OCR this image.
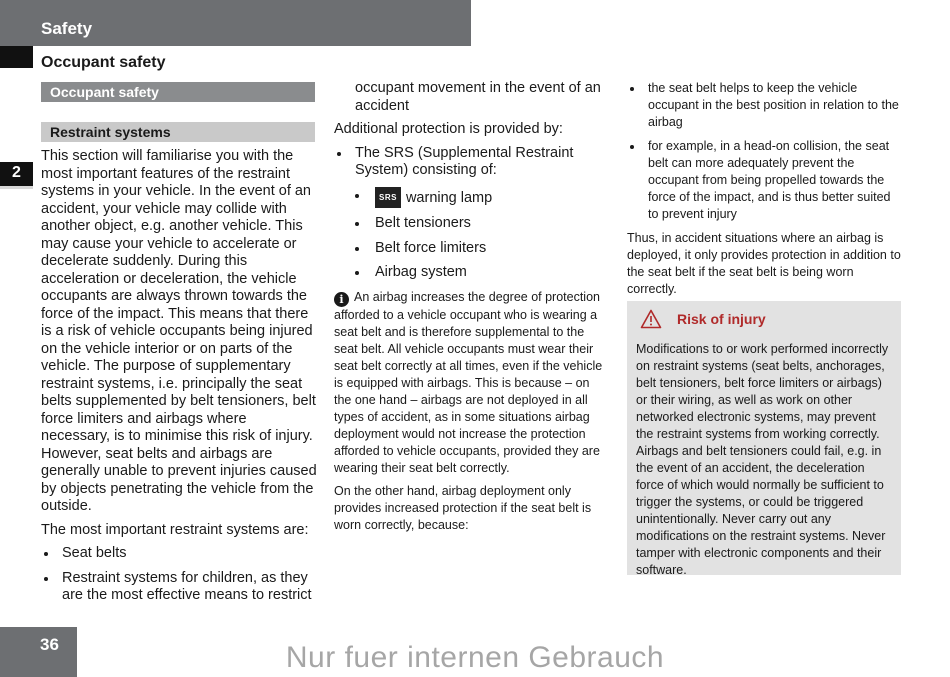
Safety
Occupant safety
2
Occupant safety
Restraint systems

This section will familiarise you with the most important features of the restraint systems in your vehicle. In the event of an accident, your vehicle may collide with another object, e.g. another vehicle. This may cause your vehicle to accelerate or decelerate suddenly. During this acceleration or deceleration, the vehicle occupants are always thrown towards the force of the impact. This means that there is a risk of vehicle occupants being injured on the vehicle interior or on parts of the vehicle. The purpose of supplementary restraint systems, i.e. principally the seat belts supplemented by belt tensioners, belt force limiters and airbags where necessary, is to minimise this risk of injury. However, seat belts and airbags are generally unable to prevent injuries caused by objects penetrating the vehicle from the outside.

The most important restraint systems are:

Seat belts
Restraint systems for children, as they are the most effective means to restrict

occupant movement in the event of an accident

Additional protection is provided by:

The SRS (Supplemental Restraint System) consisting of:
SRS warning lamp
Belt tensioners
Belt force limiters
Airbag system

i An airbag increases the degree of protection afforded to a vehicle occupant who is wearing a seat belt and is therefore supplemental to the seat belt. All vehicle occupants must wear their seat belt correctly at all times, even if the vehicle is equipped with airbags. This is because – on the one hand – airbags are not deployed in all types of accident, as in some situations airbag deployment would not increase the protection afforded to vehicle occupants, provided they are wearing their seat belt correctly.

On the other hand, airbag deployment only provides increased protection if the seat belt is worn correctly, because:

the seat belt helps to keep the vehicle occupant in the best position in relation to the airbag
for example, in a head-on collision, the seat belt can more adequately prevent the occupant from being propelled towards the force of the impact, and is thus better suited to prevent injury

Thus, in accident situations where an airbag is deployed, it only provides protection in addition to the seat belt if the seat belt is being worn correctly.

Risk of injury
Modifications to or work performed incorrectly on restraint systems (seat belts, anchorages, belt tensioners, belt force limiters or airbags) or their wiring, as well as work on other networked electronic systems, may prevent the restraint systems from working correctly. Airbags and belt tensioners could fail, e.g. in the event of an accident, the deceleration force of which would normally be sufficient to trigger the systems, or could be triggered unintentionally. Never carry out any modifications on the restraint systems. Never tamper with electronic components and their software.
36	Nur fuer internen Gebrauch
